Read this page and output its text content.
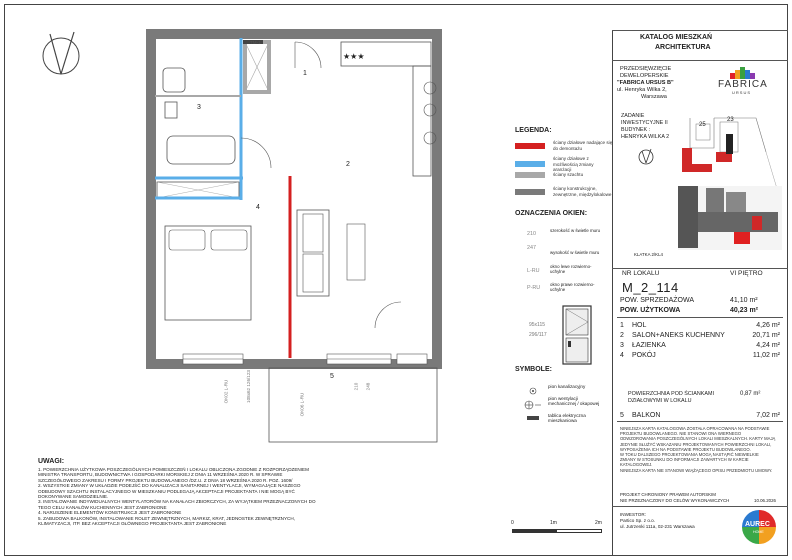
KATALOG MIESZKAŃ
ARCHITEKTURA
PRZEDSIĘWZIĘCIE
DEWELOPERSKIE
"FABRICA URSUS B"
ul. Henryka Wilka 2,
Warszawa
FABRICA
URSUS
ZADANIE
INWESTYCYJNE II
BUDYNEK :
HENRYKA WILKA 2
25
23
KLATKA 2/KL4
NR LOKALU	VI PIĘTRO
M_2_114
POW. SPRZEDAŻOWA	41,10 m²
POW. UŻYTKOWA	40,23 m²
1	HOL	4,26 m²
2	SALON+ANEKS KUCHENNY	20,71 m²
3	ŁAZIENKA	4,24 m²
4	POKÓJ	11,02 m²
POWIERZCHNIA POD ŚCIANKAMI
DZIAŁOWYMI W LOKALU
0,87 m²
5	BALKON	7,02 m²
NINIEJSZA KARTA KATALOGOWA ZOSTAŁA OPRACOWANA NA PODSTAWIE
PROJEKTU BUDOWLANEGO. NIE STANOWI ONA WIERNEGO
ODWZOROWANIA POSZCZEGÓLNYCH LOKALI MIESZKALNYCH. KARTY MAJĄ
JEDYNIE SŁUŻYĆ WSKAZANIU PROJEKTOWANYCH POWIERZCHNI LOKALI,
WYPOSAŻENIA ICH NA PODSTAWIE PROJEKTU BUDOWLANEGO.
W TOKU DALSZEGO PROJEKTOWANIA MOGĄ NASTĄPIĆ NIEWIELKIE
ZMIANY W STOSUNKU DO INFORMACJI ZAWARTYCH W KARCIE
KATALOGOWEJ.
NINIEJSZA KARTA NIE STANOWI WIĄŻĄCEGO OPISU PRZEDMIOTU UMOWY.
PROJEKT CHRONIONY PRAWEM AUTORSKIM
NIE PRZEZNACZONY DO CELÓW WYKONAWCZYCH	10.06.2026
INWESTOR:
Partico Sp. z o.o.
ul. Jutrzenki 111a, 02-231 Warszawa	AUREC
HOME
LEGENDA:
ściany działowe nadające się do demontażu
ściany działowe z możliwością zmiany aranżacji
ściany szachtu
ściany konstrukcyjne, zewnętrzne, międzylokalowe
OZNACZENIA OKIEN:
210
szerokość w świetle muru
247
wysokość w świetle muru
L-RU
okno lewe rozwierno-uchylne
P-RU
okno prawe rozwierno-uchylne
95x115
296/117
SYMBOLE:
pion kanalizacyjny
pion wentylacji mechanicznej / okapowej
tablica elektryczna mieszkaniowa
3
2
4
1
5
★★★
TM-1
OK02 L-RU	108x62 126/123	210 248
OK06 L-RU
UWAGI:
1. POWIERZCHNIA UŻYTKOWA POSZCZEGÓLNYCH POMIESZCZEŃ I LOKALU OBLICZONA ZGODNIE Z ROZPORZĄDZENIEM
MINISTRA TRANSPORTU, BUDOWNICTWA I GOSPODARKI MORSKIEJ Z DNIA 11 WRZEŚNIA 2020 R. W SPRAWIE
SZCZEGÓŁOWEGO ZAKRESU I FORMY PROJEKTU BUDOWLANEGO /DZ.U. Z DNIA 18 WRZEŚNIA 2020 R. POZ. 1609/
2. WSZYSTKIE ZMIANY W UKŁADZIE PODEJŚĆ DO KANALIZACJI SANITARNEJ I WENTYLACJI, WYMAGAJĄCE NASZEGO
ODBUDOWY SZACHTU INSTALACYJNEGO W MIESZKANIU PODLEGAJĄ AKCEPTACJI PROJEKTANTA I NIE MOGĄ BYĆ
DOKONYWANE SAMODZIELNIE.
3. INSTALOWANIE INDYWIDUALNYCH WENTYLATORÓW NA KANAŁACH ZBIORCZYCH, ZA WYJĄTKIEM PRZEZNACZONYCH DO
TEGO CELU KANAŁÓW KUCHENNYCH JEST ZABRONIONE
4. NARUSZENIE ELEMENTÓW KONSTRUKCJI JEST ZABRONIONE
5. ZABUDOWA BALKONÓW, INSTALOWANIE ROLET ZEWNĘTRZNYCH, MARKIZ, KRAT, JEDNOSTEK ZEWNĘTRZNYCH,
KLIMATYZACJI, ITP. BEZ AKCEPTACJI GŁÓWNEGO PROJEKTANTA JEST ZABRONIONE	0	1m	2m
